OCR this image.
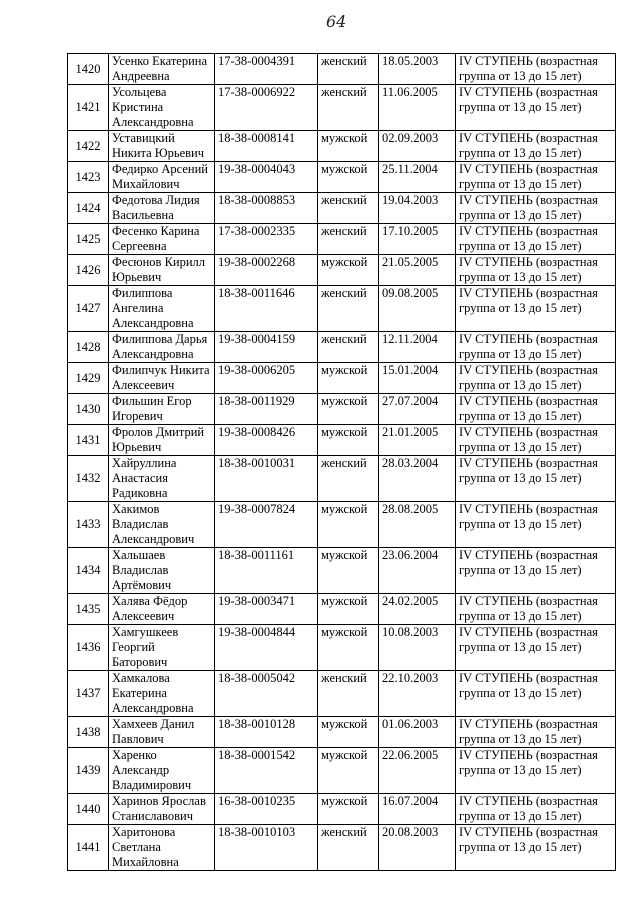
64
1420	Усенко Екатерина Андреевна	17-38-0004391	женский	18.05.2003	IV СТУПЕНЬ (возрастная группа от 13 до 15 лет)
1421	Усольцева Кристина Александровна	17-38-0006922	женский	11.06.2005	IV СТУПЕНЬ (возрастная группа от 13 до 15 лет)
1422	Уставицкий Никита Юрьевич	18-38-0008141	мужской	02.09.2003	IV СТУПЕНЬ (возрастная группа от 13 до 15 лет)
1423	Федирко Арсений Михайлович	19-38-0004043	мужской	25.11.2004	IV СТУПЕНЬ (возрастная группа от 13 до 15 лет)
1424	Федотова Лидия Васильевна	18-38-0008853	женский	19.04.2003	IV СТУПЕНЬ (возрастная группа от 13 до 15 лет)
1425	Фесенко Карина Сергеевна	17-38-0002335	женский	17.10.2005	IV СТУПЕНЬ (возрастная группа от 13 до 15 лет)
1426	Фесюнов Кирилл Юрьевич	19-38-0002268	мужской	21.05.2005	IV СТУПЕНЬ (возрастная группа от 13 до 15 лет)
1427	Филиппова Ангелина Александровна	18-38-0011646	женский	09.08.2005	IV СТУПЕНЬ (возрастная группа от 13 до 15 лет)
1428	Филиппова Дарья Александровна	19-38-0004159	женский	12.11.2004	IV СТУПЕНЬ (возрастная группа от 13 до 15 лет)
1429	Филипчук Никита Алексеевич	19-38-0006205	мужской	15.01.2004	IV СТУПЕНЬ (возрастная группа от 13 до 15 лет)
1430	Фильшин Егор Игоревич	18-38-0011929	мужской	27.07.2004	IV СТУПЕНЬ (возрастная группа от 13 до 15 лет)
1431	Фролов Дмитрий Юрьевич	19-38-0008426	мужской	21.01.2005	IV СТУПЕНЬ (возрастная группа от 13 до 15 лет)
1432	Хайруллина Анастасия Радиковна	18-38-0010031	женский	28.03.2004	IV СТУПЕНЬ (возрастная группа от 13 до 15 лет)
1433	Хакимов Владислав Александрович	19-38-0007824	мужской	28.08.2005	IV СТУПЕНЬ (возрастная группа от 13 до 15 лет)
1434	Хальшаев Владислав Артёмович	18-38-0011161	мужской	23.06.2004	IV СТУПЕНЬ (возрастная группа от 13 до 15 лет)
1435	Халява Фёдор Алексеевич	19-38-0003471	мужской	24.02.2005	IV СТУПЕНЬ (возрастная группа от 13 до 15 лет)
1436	Хамгушкеев Георгий Баторович	19-38-0004844	мужской	10.08.2003	IV СТУПЕНЬ (возрастная группа от 13 до 15 лет)
1437	Хамкалова Екатерина Александровна	18-38-0005042	женский	22.10.2003	IV СТУПЕНЬ (возрастная группа от 13 до 15 лет)
1438	Хамхеев Данил Павлович	18-38-0010128	мужской	01.06.2003	IV СТУПЕНЬ (возрастная группа от 13 до 15 лет)
1439	Харенко Александр Владимирович	18-38-0001542	мужской	22.06.2005	IV СТУПЕНЬ (возрастная группа от 13 до 15 лет)
1440	Харинов Ярослав Станиславович	16-38-0010235	мужской	16.07.2004	IV СТУПЕНЬ (возрастная группа от 13 до 15 лет)
1441	Харитонова Светлана Михайловна	18-38-0010103	женский	20.08.2003	IV СТУПЕНЬ (возрастная группа от 13 до 15 лет)
